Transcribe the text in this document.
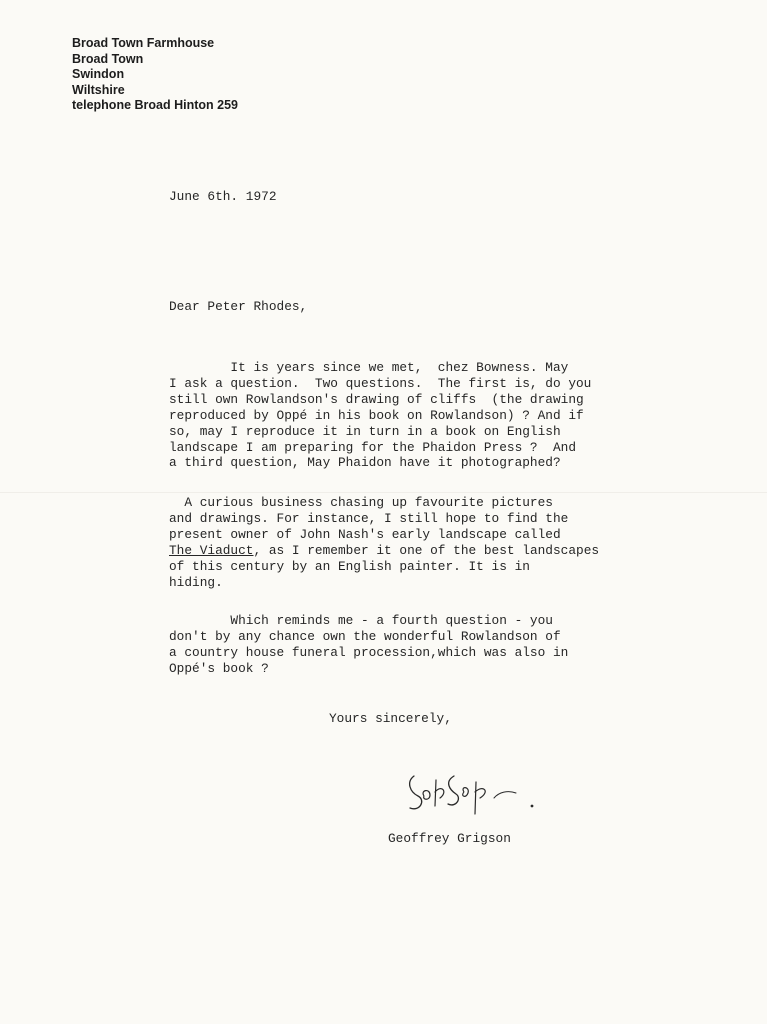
Broad Town Farmhouse
Broad Town
Swindon
Wiltshire
telephone Broad Hinton 259
June 6th. 1972
Dear Peter Rhodes,
It is years since we met,  chez Bowness. May
I ask a question.  Two questions.  The first is, do you
still own Rowlandson's drawing of cliffs  (the drawing
reproduced by Oppé in his book on Rowlandson) ? And if
so, may I reproduce it in turn in a book on English
landscape I am preparing for the Phaidon Press ?  And
a third question, May Phaidon have it photographed?
A curious business chasing up favourite pictures
and drawings. For instance, I still hope to find the
present owner of John Nash's early landscape called
The Viaduct, as I remember it one of the best landscapes
of this century by an English painter. It is in
hiding.
Which reminds me - a fourth question - you
don't by any chance own the wonderful Rowlandson of
a country house funeral procession,which was also in
Oppé's book ?
Yours sincerely,
Geoffrey Grigson
